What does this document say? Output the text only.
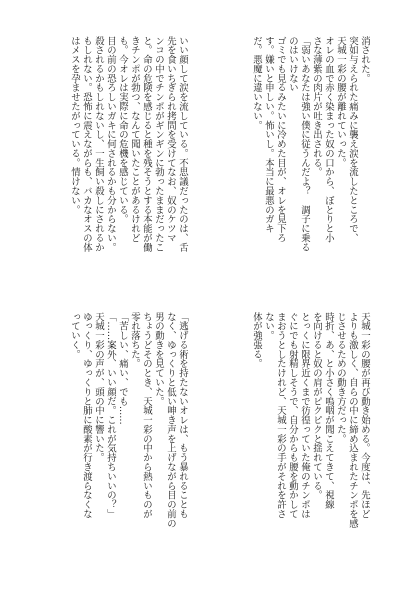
消された。

突如与えられた痛みに襲え涙を流したところで、

天城一彩の腰が離れていった。

オレの血で赤く染まった奴の口から、ぼとりと小

さな薄紫の肉片が吐き出される。

「弱いあなたは強い僕に従うんだよ？　調子に乗る

のはいけない

ゴミでも見るみたいに冷めた目が、オレを見下ろ

す。嫌いと申しい。怖いし。本当に最悪のガキ

だ。悪魔に違いない。

いい顔して涙を流している。不思議だったのは、舌

先を食いちぎられ拷問を受けてなお、奴のケツマ

ンコの中でチンポがギンギンに勃ったままだったこ

と。命の危険を感じると種を残そうとする本能が働

きチンポが勃つ、なんて聞いたことがあるけれど

も。今オレは実際に命の危機を感じている。

目の前の恐ろしいガキに何されるかも分からない。

殺されるかもしれないし、一生飼い殺しにされるか

もしれない。恐怖に震えながらも、バカなオスの体

はメスを孕ませたがっている。情けない。

天城一彩の腰が再び動き始める。今度は、先ほど

よりも激しく、自らの中に締め込まれたチンポを感

じさせるための動き方だった。

時折、あ、と小さく嗚咽が聞こえてきて、視線

を向けると奴の肩がピクピクと揺れている。

とっくに限界近くまで彷徨っていた俺のチンポは

ぐにでも射精しそうで、自分からも腰を動かして

まおうとしたけれど、天城一彩の手がそれを許さ

ない。

体が強張る。

「逃げる術を持たないオレは、もう暴れることも

なく、ゆっくりと低い呻き声を上げながら目の前の

男の動きを見ていた。

ちょうどそのとき、天城一彩の中から熱いものが

零れ落ちた。

「苦しい、痛い、でも……

「……案外、いい顔だ。これが気持ちいいの？」

天城一彩の声が、頭の中に響いた。

ゆっくり、ゆっくりと肺に酸素が行き渡らなくな

っていく。
